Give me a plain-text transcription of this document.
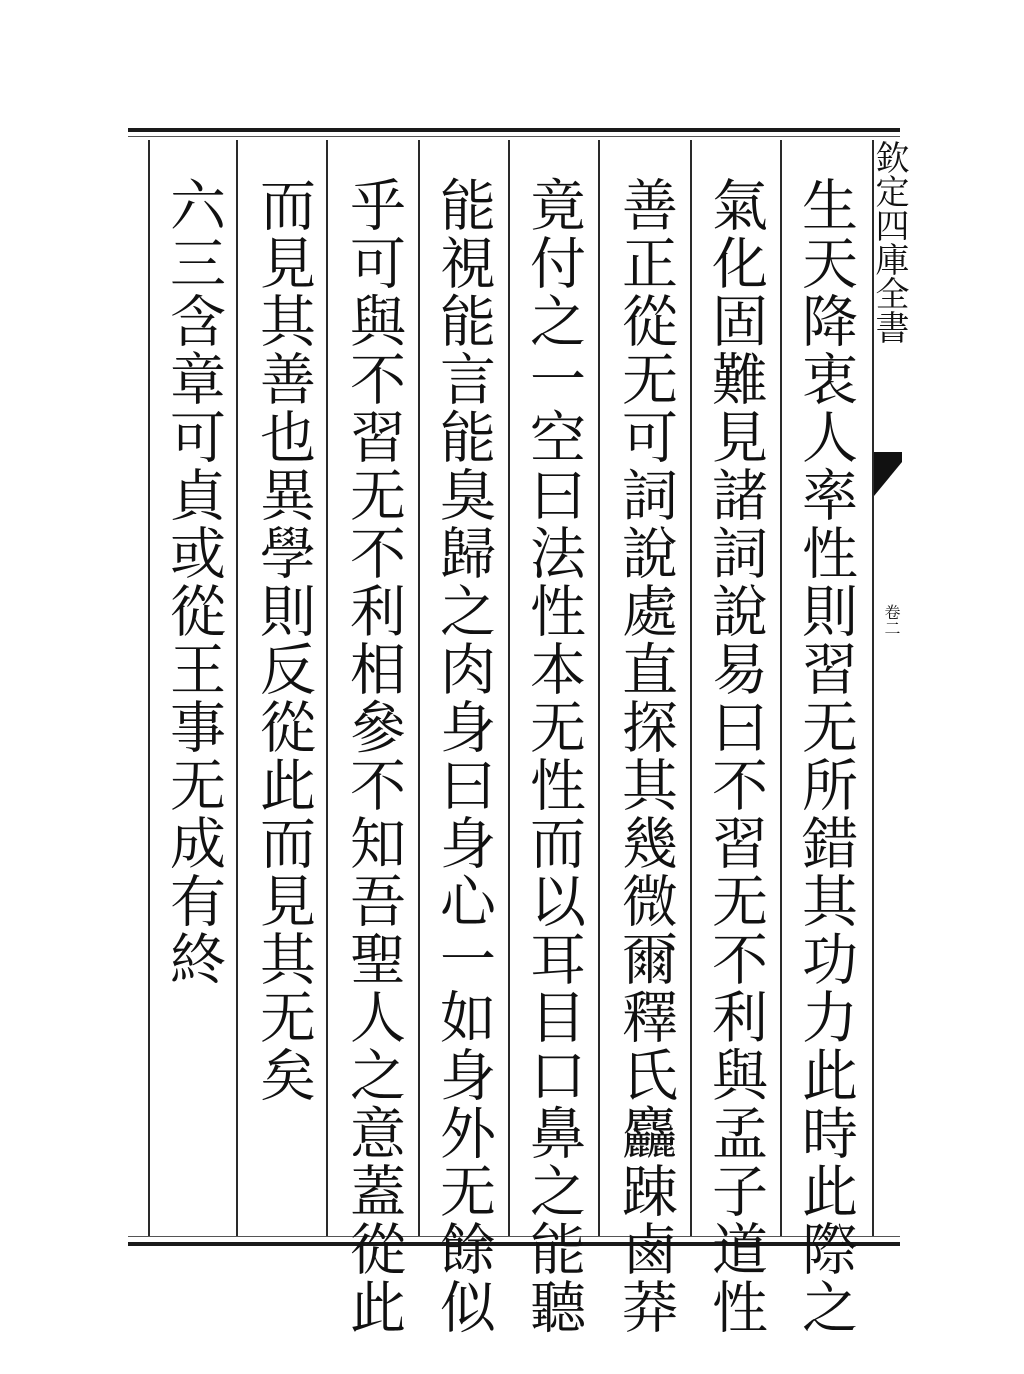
欽定四庫全書
卷二
生天降衷人率性則習无所錯其功力此時此際之
氣化固難見諸詞說易曰不習无不利與孟子道性
善正從无可詞說處直探其幾微爾釋氏麤踈鹵莽
竟付之一空曰法性本无性而以耳目口鼻之能聽
能視能言能臭歸之肉身曰身心一如身外无餘似
乎可與不習无不利相參不知吾聖人之意蓋從此
而見其善也異學則反從此而見其无矣
六三含章可貞或從王事无成有終
